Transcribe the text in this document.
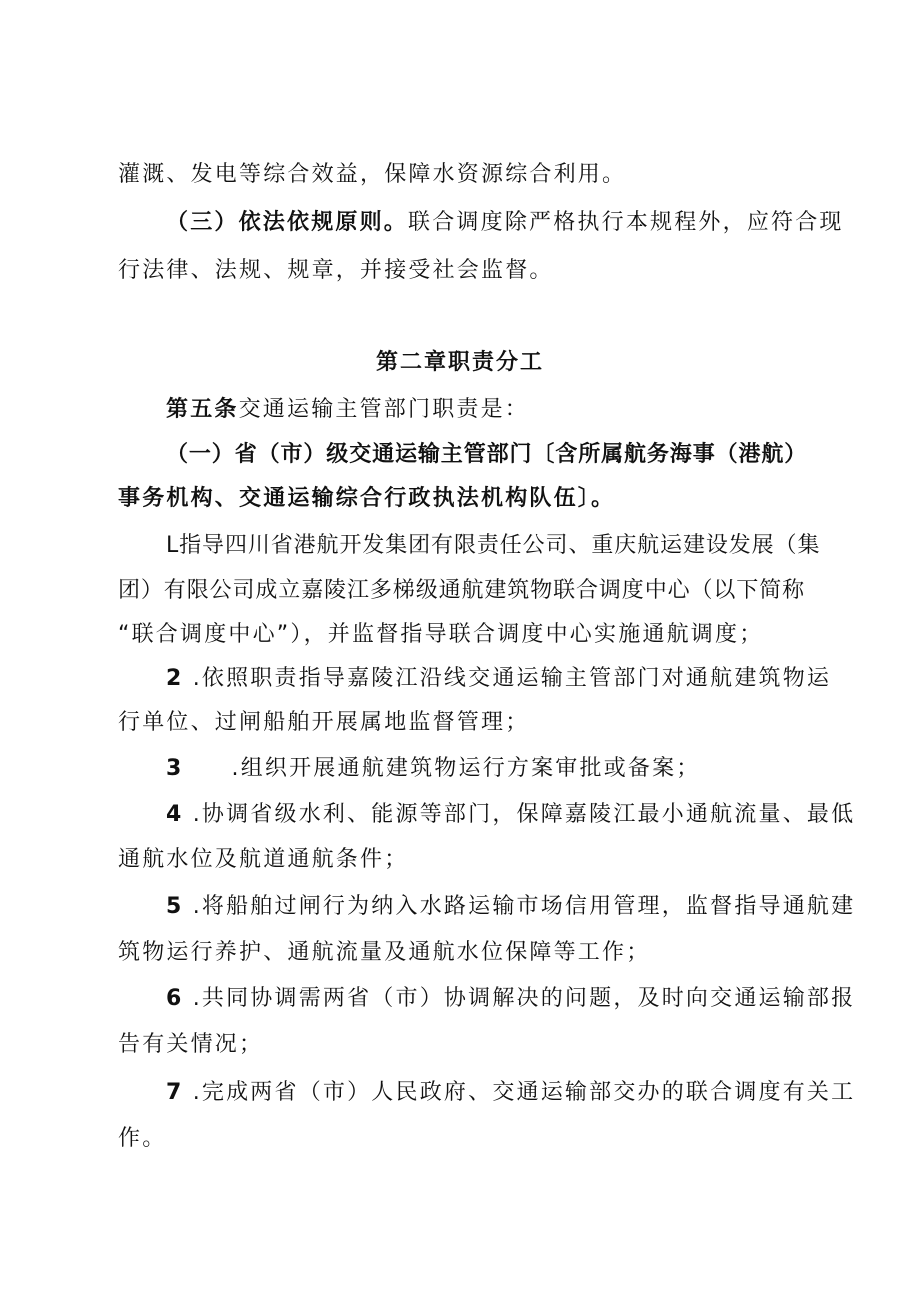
灌溉、发电等综合效益，保障水资源综合利用。
（三）依法依规原则。联合调度除严格执行本规程外，应符合现
行法律、法规、规章，并接受社会监督。
第二章职责分工
第五条交通运输主管部门职责是：
（一）省（市）级交通运输主管部门〔含所属航务海事（港航）
事务机构、交通运输综合行政执法机构队伍〕。
L指导四川省港航开发集团有限责任公司、重庆航运建设发展（集
团）有限公司成立嘉陵江多梯级通航建筑物联合调度中心（以下简称
“联合调度中心”），并监督指导联合调度中心实施通航调度；
2 .依照职责指导嘉陵江沿线交通运输主管部门对通航建筑物运
行单位、过闸船舶开展属地监督管理；
3 .组织开展通航建筑物运行方案审批或备案；
4 .协调省级水利、能源等部门，保障嘉陵江最小通航流量、最低
通航水位及航道通航条件；
5 .将船舶过闸行为纳入水路运输市场信用管理，监督指导通航建
筑物运行养护、通航流量及通航水位保障等工作；
6 .共同协调需两省（市）协调解决的问题，及时向交通运输部报
告有关情况；
7 .完成两省（市）人民政府、交通运输部交办的联合调度有关工
作。
